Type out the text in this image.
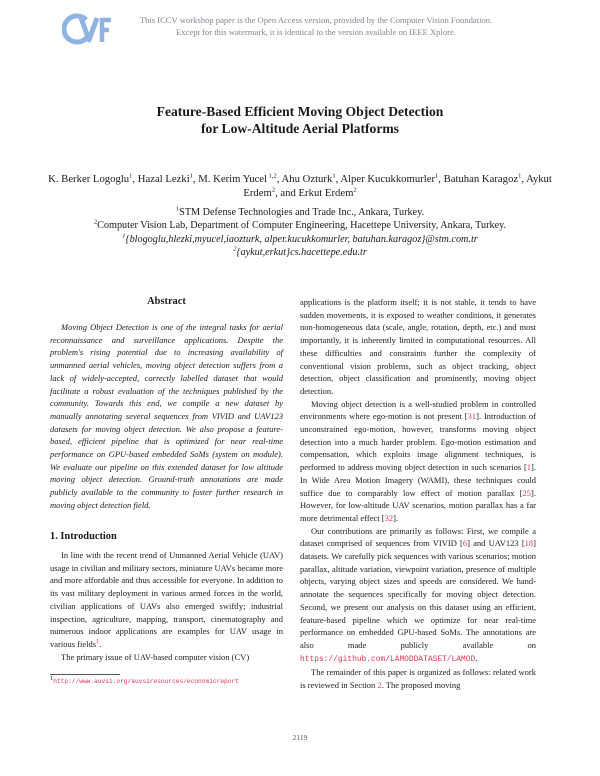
CVF
This ICCV workshop paper is the Open Access version, provided by the Computer Vision Foundation.
Except for this watermark, it is identical to the version available on IEEE Xplore.
Feature-Based Efficient Moving Object Detection
for Low-Altitude Aerial Platforms
K. Berker Logoglu$^1$, Hazal Lezki$^1$, M. Kerim Yucel $^{1,2}$, Ahu Ozturk$^1$, Alper Kucukkomurler$^1$, Batuhan Karagoz$^1$, Aykut Erdem$^2$, and Erkut Erdem$^2$
$^1$STM Defense Technologies and Trade Inc., Ankara, Turkey.
$^2$Computer Vision Lab, Department of Computer Engineering, Hacettepe University, Ankara, Turkey.
$^1${blogoglu,hlezki,myucel,iaozturk, alper.kucukkomurler, batuhan.karagoz}@stm.com.tr
$^2${aykut,erkut}cs.hacettepe.edu.tr
Abstract

Moving Object Detection is one of the integral tasks for aerial reconnaissance and surveillance applications. Despite the problem's rising potential due to increasing availability of unmanned aerial vehicles, moving object detection suffers from a lack of widely-accepted, correctly labelled dataset that would facilitate a robust evaluation of the techniques published by the community. Towards this end, we compile a new dataset by manually annotating several sequences from VIVID and UAV123 datasets for moving object detection. We also propose a feature-based, efficient pipeline that is optimized for near real-time performance on GPU-based embedded SoMs (system on module). We evaluate our pipeline on this extended dataset for low altitude moving object detection. Ground-truth annotations are made publicly available to the community to foster further research in moving object detection field.

1. Introduction

In line with the recent trend of Unmanned Aerial Vehicle (UAV) usage in civilian and military sectors, miniature UAVs became more and more affordable and thus accessible for everyone. In addition to its vast military deployment in various armed forces in the world, civilian applications of UAVs also emerged swiftly; industrial inspection, agriculture, mapping, transport, cinematography and numerous indoor applications are examples for UAV usage in various fields$^1$.

The primary issue of UAV-based computer vision (CV)

$^1$http://www.auvsi.org/auvsiresources/economicreport

applications is the platform itself; it is not stable, it tends to have sudden movements, it is exposed to weather conditions, it generates non-homogeneous data (scale, angle, rotation, depth, etc.) and most importantly, it is inherently limited in computational resources. All these difficulties and constraints further the complexity of conventional vision problems, such as object tracking, object detection, object classification and prominently, moving object detection.

Moving object detection is a well-studied problem in controlled environments where ego-motion is not present [31]. Introduction of unconstrained ego-motion, however, transforms moving object detection into a much harder problem. Ego-motion estimation and compensation, which exploits image alignment techniques, is performed to address moving object detection in such scenarios [1]. In Wide Area Motion Imagery (WAMI), these techniques could suffice due to comparably low effect of motion parallax [25]. However, for low-altitude UAV scenarios, motion parallax has a far more detrimental effect [32].

Our contributions are primarily as follows: First, we compile a dataset comprised of sequences from VIVID [6] and UAV123 [18] datasets. We carefully pick sequences with various scenarios; motion parallax, altitude variation, viewpoint variation, presence of multiple objects, varying object sizes and speeds are considered. We hand-annotate the sequences specifically for moving object detection. Second, we present our analysis on this dataset using an efficient, feature-based pipeline which we optimize for near real-time performance on embedded GPU-based SoMs. The annotations are also made publicly available on https://github.com/LAMODDATASET/LAMOD.

The remainder of this paper is organized as follows: related work is reviewed in Section 2. The proposed moving

2119
